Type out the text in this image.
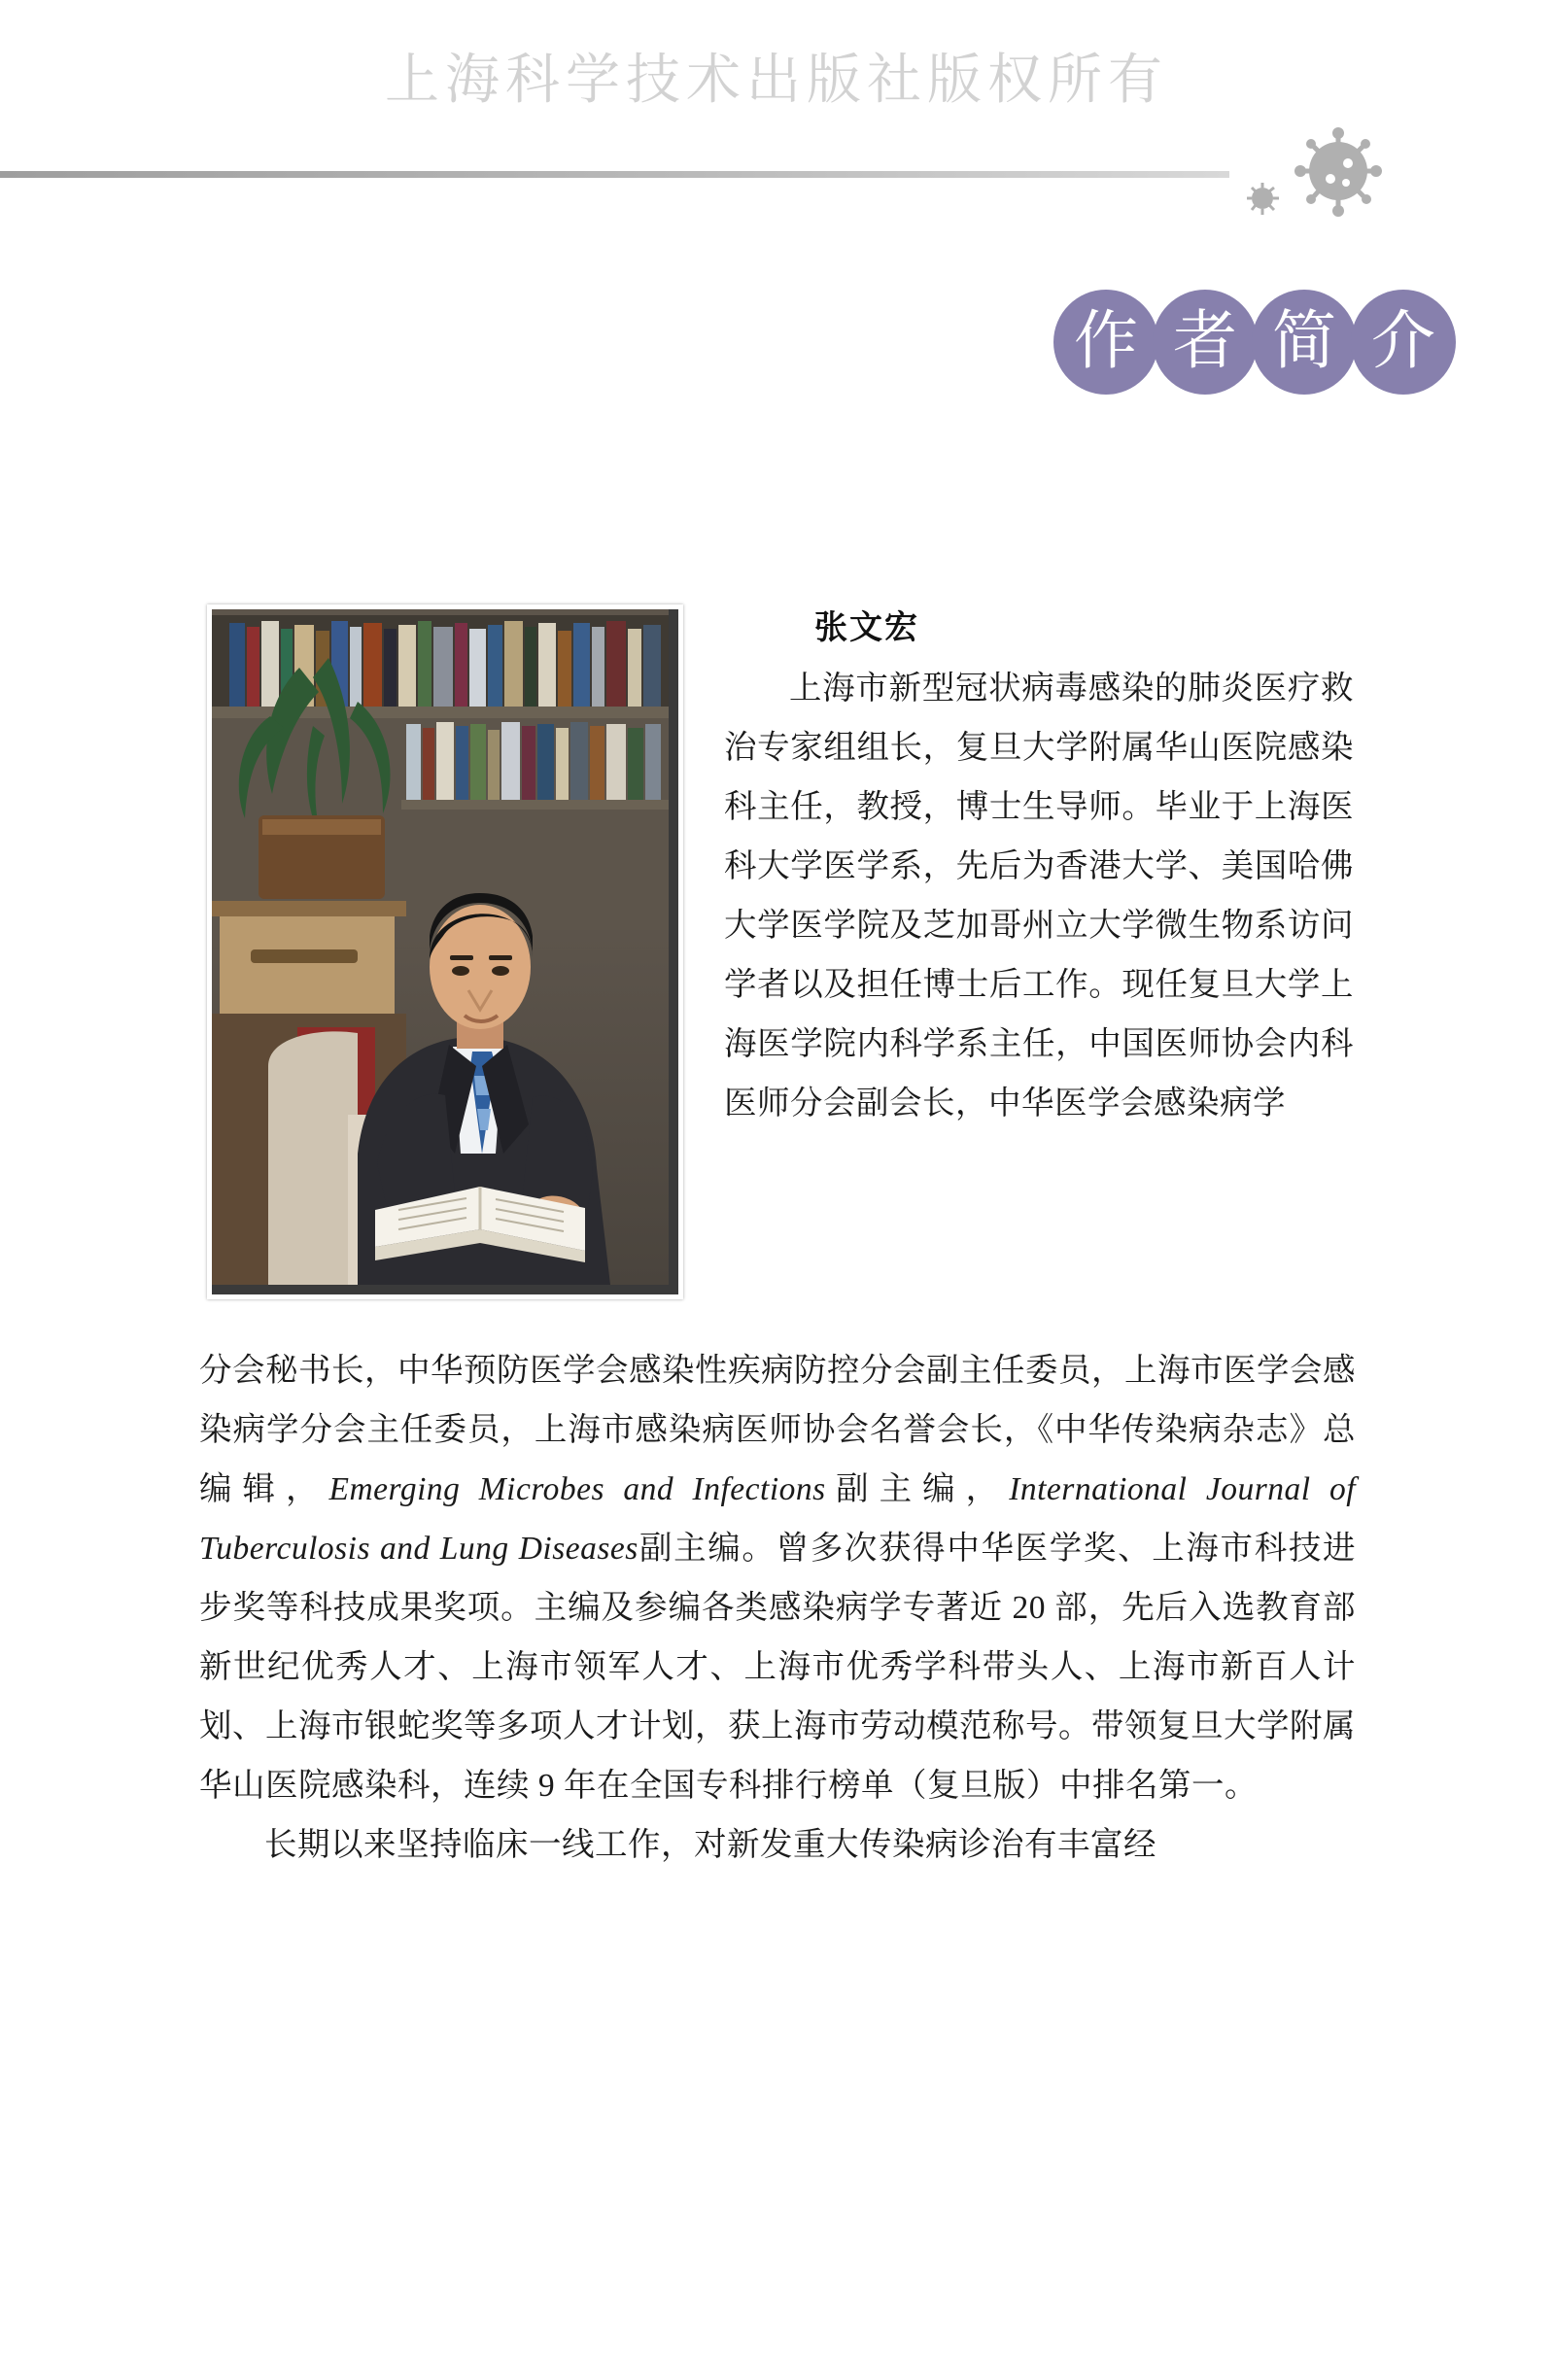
上海科学技术出版社版权所有
作 者 简 介
张文宏
上海市新型冠状病毒感染的肺炎医疗救治专家组组长，复旦大学附属华山医院感染科主任，教授，博士生导师。毕业于上海医科大学医学系，先后为香港大学、美国哈佛大学医学院及芝加哥州立大学微生物系访问学者以及担任博士后工作。现任复旦大学上海医学院内科学系主任，中国医师协会内科医师分会副会长，中华医学会感染病学

分会秘书长，中华预防医学会感染性疾病防控分会副主任委员，上海市医学会感染病学分会主任委员，上海市感染病医师协会名誉会长，《中华传染病杂志》总编辑，Emerging Microbes and Infections副主编，International Journal of Tuberculosis and Lung Diseases副主编。曾多次获得中华医学奖、上海市科技进步奖等科技成果奖项。主编及参编各类感染病学专著近 20 部，先后入选教育部新世纪优秀人才、上海市领军人才、上海市优秀学科带头人、上海市新百人计划、上海市银蛇奖等多项人才计划，获上海市劳动模范称号。带领复旦大学附属华山医院感染科，连续 9 年在全国专科排行榜单（复旦版）中排名第一。

长期以来坚持临床一线工作，对新发重大传染病诊治有丰富经
